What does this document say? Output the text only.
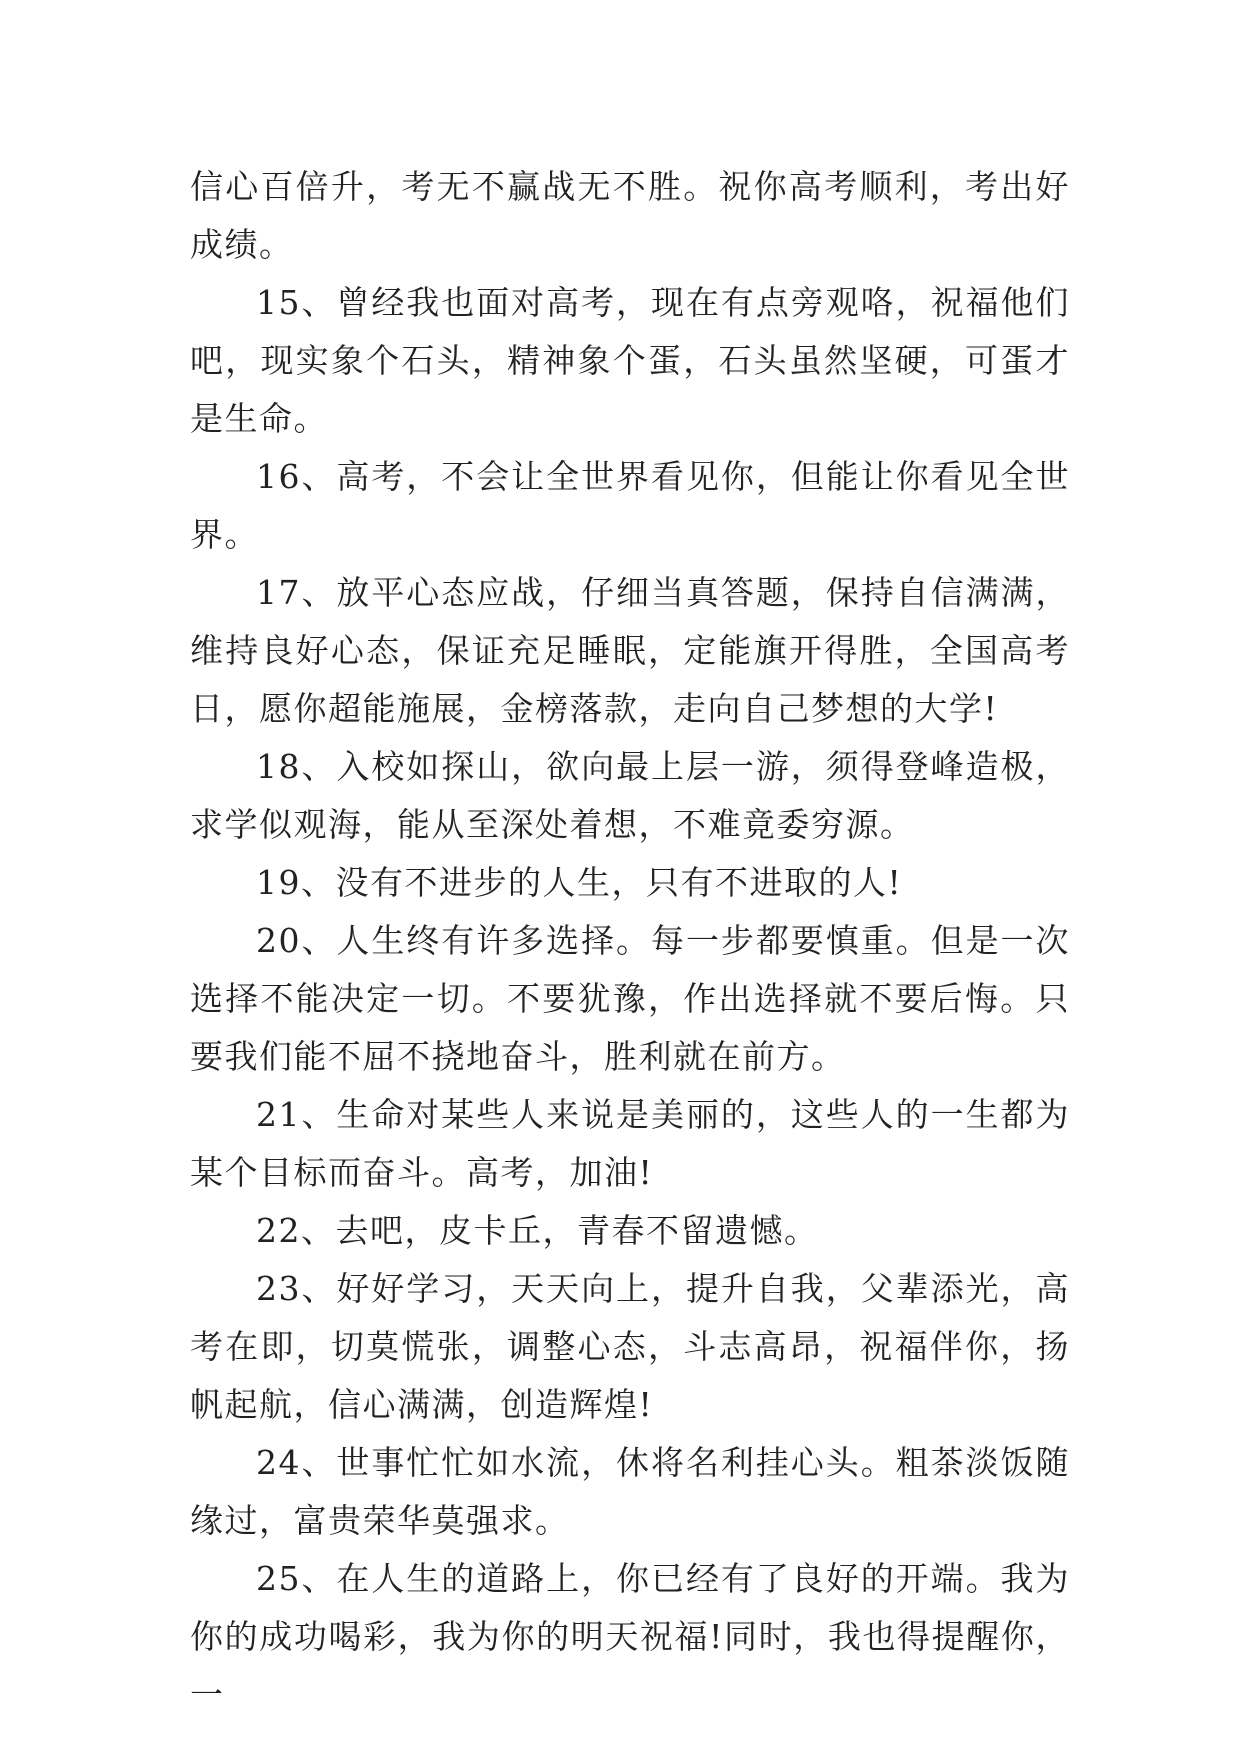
信心百倍升，考无不赢战无不胜。祝你高考顺利，考出好成绩。

15、曾经我也面对高考，现在有点旁观咯，祝福他们吧，现实象个石头，精神象个蛋，石头虽然坚硬，可蛋才是生命。

16、高考，不会让全世界看见你，但能让你看见全世界。

17、放平心态应战，仔细当真答题，保持自信满满，维持良好心态，保证充足睡眠，定能旗开得胜，全国高考日，愿你超能施展，金榜落款，走向自己梦想的大学!

18、入校如探山，欲向最上层一游，须得登峰造极，求学似观海，能从至深处着想，不难竟委穷源。

19、没有不进步的人生，只有不进取的人!

20、人生终有许多选择。每一步都要慎重。但是一次选择不能决定一切。不要犹豫，作出选择就不要后悔。只要我们能不屈不挠地奋斗，胜利就在前方。

21、生命对某些人来说是美丽的，这些人的一生都为某个目标而奋斗。高考，加油!

22、去吧，皮卡丘，青春不留遗憾。

23、好好学习，天天向上，提升自我，父辈添光，高考在即，切莫慌张，调整心态，斗志高昂，祝福伴你，扬帆起航，信心满满，创造辉煌!

24、世事忙忙如水流，休将名利挂心头。粗茶淡饭随缘过，富贵荣华莫强求。

25、在人生的道路上，你已经有了良好的开端。我为你的成功喝彩，我为你的明天祝福!同时，我也得提醒你，一
